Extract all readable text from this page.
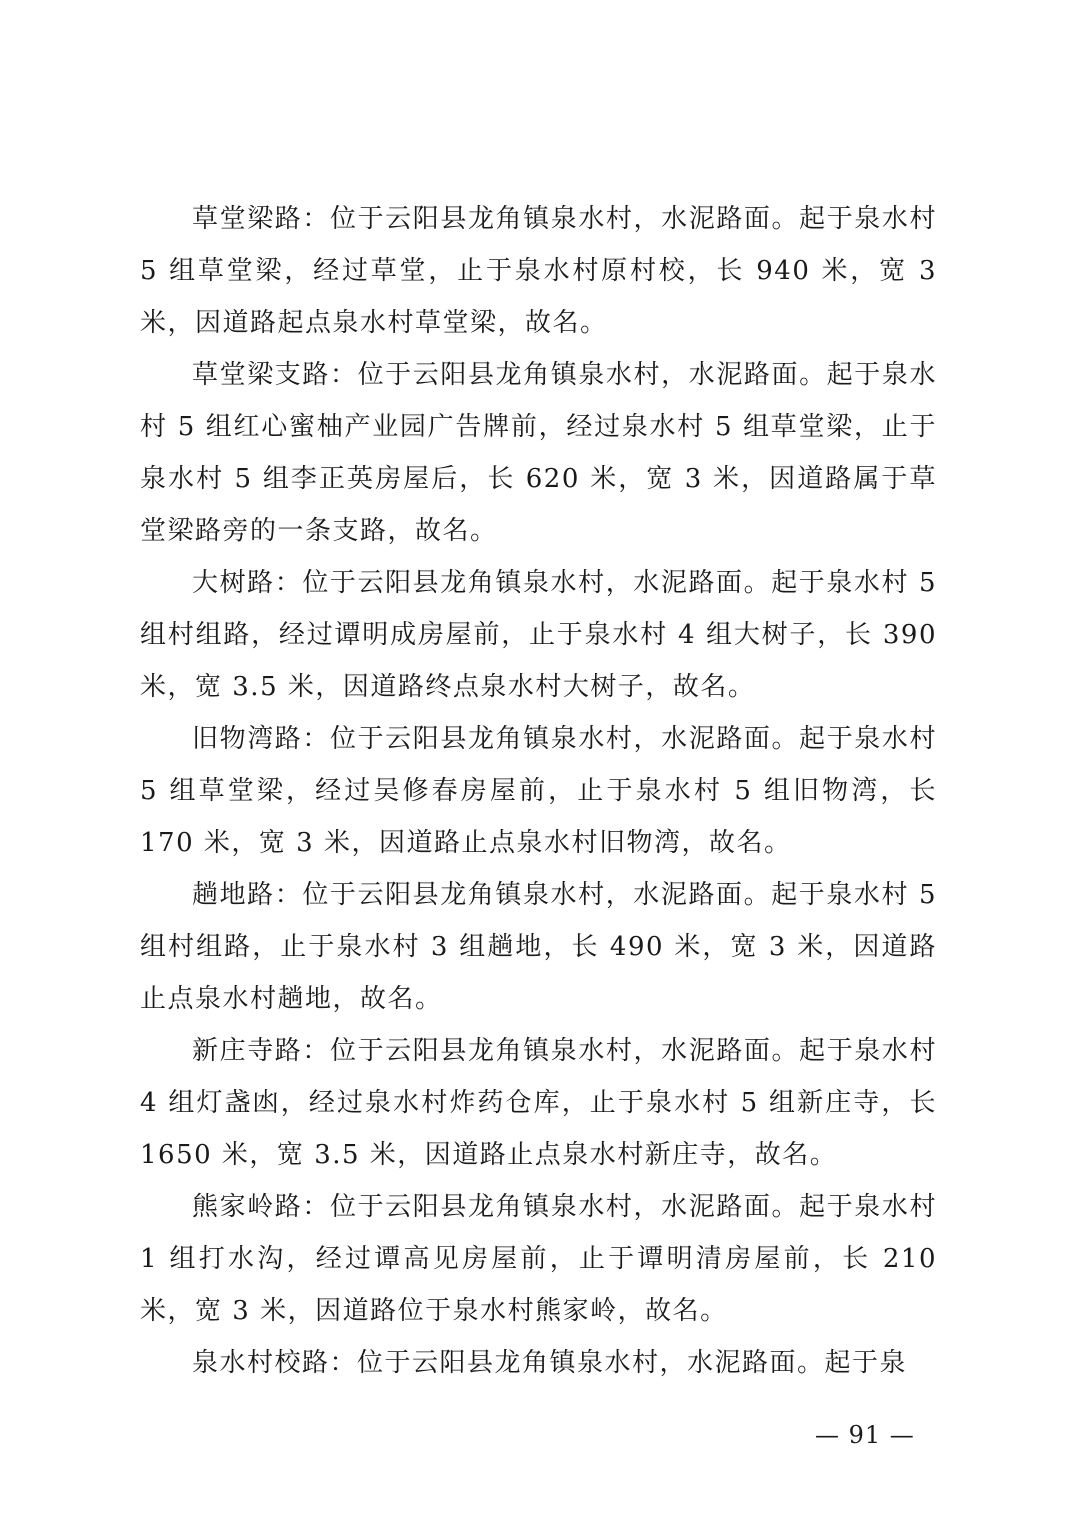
草堂梁路：位于云阳县龙角镇泉水村，水泥路面。起于泉水村 5 组草堂梁，经过草堂，止于泉水村原村校，长 940 米，宽 3 米，因道路起点泉水村草堂梁，故名。

草堂梁支路：位于云阳县龙角镇泉水村，水泥路面。起于泉水村 5 组红心蜜柚产业园广告牌前，经过泉水村 5 组草堂梁，止于泉水村 5 组李正英房屋后，长 620 米，宽 3 米，因道路属于草堂梁路旁的一条支路，故名。

大树路：位于云阳县龙角镇泉水村，水泥路面。起于泉水村 5 组村组路，经过谭明成房屋前，止于泉水村 4 组大树子，长 390 米，宽 3.5 米，因道路终点泉水村大树子，故名。

旧物湾路：位于云阳县龙角镇泉水村，水泥路面。起于泉水村 5 组草堂梁，经过吴修春房屋前，止于泉水村 5 组旧物湾，长 170 米，宽 3 米，因道路止点泉水村旧物湾，故名。

趟地路：位于云阳县龙角镇泉水村，水泥路面。起于泉水村 5 组村组路，止于泉水村 3 组趟地，长 490 米，宽 3 米，因道路止点泉水村趟地，故名。

新庄寺路：位于云阳县龙角镇泉水村，水泥路面。起于泉水村 4 组灯盏凼，经过泉水村炸药仓库，止于泉水村 5 组新庄寺，长 1650 米，宽 3.5 米，因道路止点泉水村新庄寺，故名。

熊家岭路：位于云阳县龙角镇泉水村，水泥路面。起于泉水村 1 组打水沟，经过谭高见房屋前，止于谭明清房屋前，长 210 米，宽 3 米，因道路位于泉水村熊家岭，故名。

泉水村校路：位于云阳县龙角镇泉水村，水泥路面。起于泉

— 91 —
